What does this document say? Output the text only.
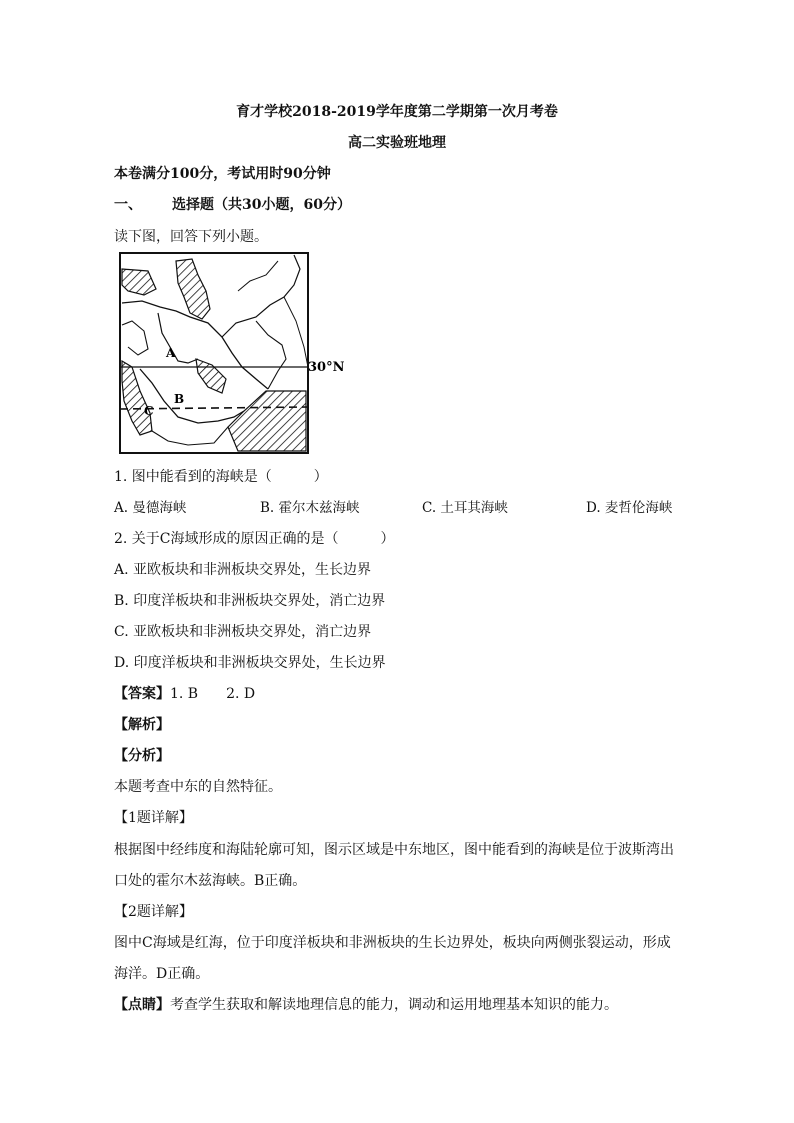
育才学校2018-2019学年度第二学期第一次月考卷
高二实验班地理
本卷满分100分，考试用时90分钟
一、 选择题（共30小题，60分）
读下图，回答下列小题。
A
B
C
30°N
1. 图中能看到的海峡是（　　　）
A. 曼德海峡	B. 霍尔木兹海峡	C. 土耳其海峡	D. 麦哲伦海峡
2. 关于C海域形成的原因正确的是（　　　）
A. 亚欧板块和非洲板块交界处，生长边界
B. 印度洋板块和非洲板块交界处，消亡边界
C. 亚欧板块和非洲板块交界处，消亡边界
D. 印度洋板块和非洲板块交界处，生长边界
【答案】1. B　　2. D
【解析】
【分析】
本题考查中东的自然特征。
【1题详解】
根据图中经纬度和海陆轮廓可知，图示区域是中东地区，图中能看到的海峡是位于波斯湾出
口处的霍尔木兹海峡。B正确。
【2题详解】
图中C海域是红海，位于印度洋板块和非洲板块的生长边界处，板块向两侧张裂运动，形成
海洋。D正确。
【点睛】考查学生获取和解读地理信息的能力，调动和运用地理基本知识的能力。
